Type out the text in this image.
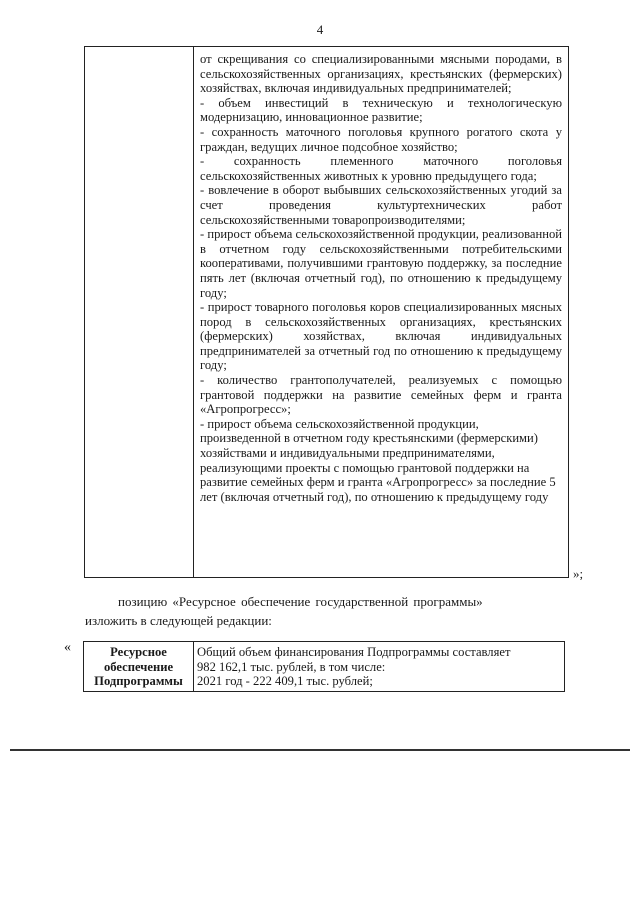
4

от скрещивания со специализированными мясными породами, в сельскохозяйственных организациях, крестьянских (фермерских) хозяйствах, включая индивидуальных предпринимателей;

- объем инвестиций в техническую и технологическую модернизацию, инновационное развитие;

- сохранность маточного поголовья крупного рогатого скота у граждан, ведущих личное подсобное хозяйство;

- сохранность племенного маточного поголовья сельскохозяйственных животных к уровню предыдущего года;

- вовлечение в оборот выбывших сельскохозяйственных угодий за счет проведения культуртехнических работ сельскохозяйственными товаропроизводителями;

- прирост объема сельскохозяйственной продукции, реализованной в отчетном году сельскохозяйственными потребительскими кооперативами, получившими грантовую поддержку, за последние пять лет (включая отчетный год), по отношению к предыдущему году;

- прирост товарного поголовья коров специализированных мясных пород в сельскохозяйственных организациях, крестьянских (фермерских) хозяйствах, включая индивидуальных предпринимателей за отчетный год по отношению к предыдущему году;

- количество грантополучателей, реализуемых с помощью грантовой поддержки на развитие семейных ферм и гранта «Агропрогресс»;

- прирост объема сельскохозяйственной продукции, произведенной в отчетном году крестьянскими (фермерскими) хозяйствами и индивидуальными предпринимателями, реализующими проекты с помощью грантовой поддержки на развитие семейных ферм и гранта «Агропрогресс» за последние 5 лет (включая отчетный год), по отношению к предыдущему году

»;
позицию «Ресурсное обеспечение государственной программы»
изложить в следующей редакции:
«	Ресурсное
обеспечение
Подпрограммы
Общий объем финансирования Подпрограммы составляет
982 162,1 тыс. рублей, в том числе:
2021 год - 222 409,1 тыс. рублей;
